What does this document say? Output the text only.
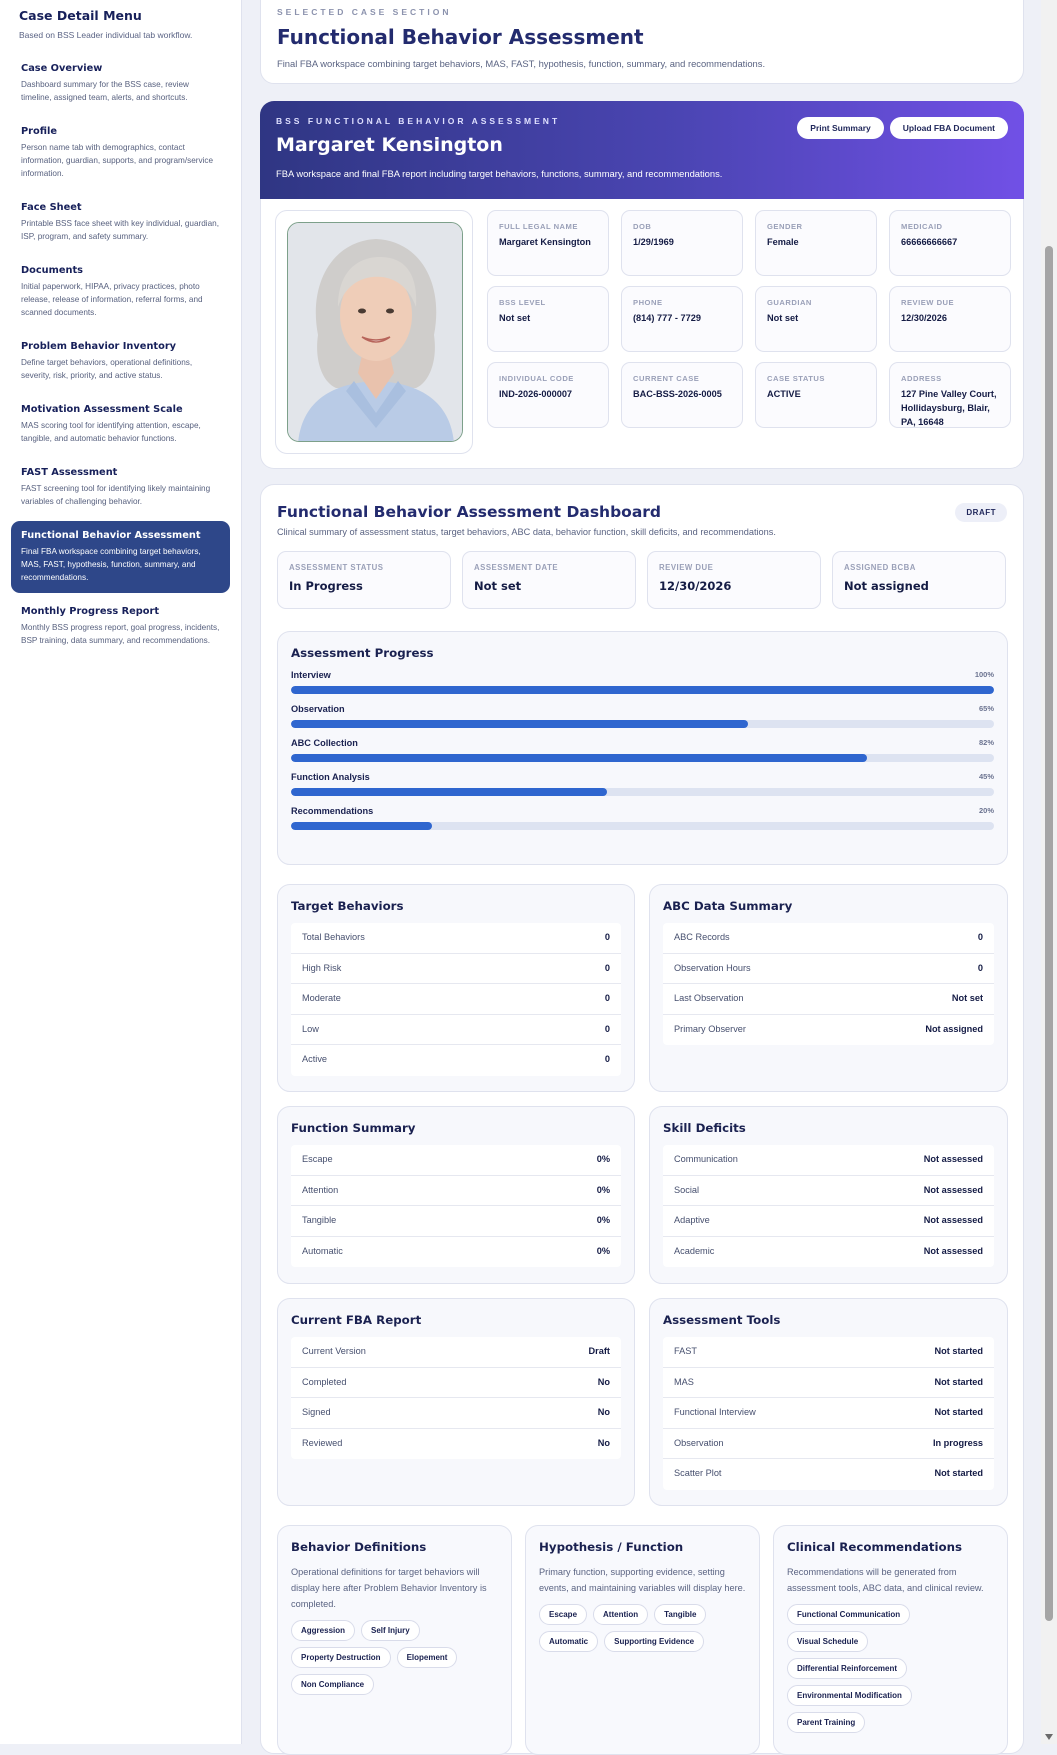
Case Detail Menu
Based on BSS Leader individual tab workflow.
Case Overview
Dashboard summary for the BSS case, review timeline, assigned team, alerts, and shortcuts.
Profile
Person name tab with demographics, contact information, guardian, supports, and program/service information.
Face Sheet
Printable BSS face sheet with key individual, guardian, ISP, program, and safety summary.
Documents
Initial paperwork, HIPAA, privacy practices, photo release, release of information, referral forms, and scanned documents.
Problem Behavior Inventory
Define target behaviors, operational definitions, severity, risk, priority, and active status.
Motivation Assessment Scale
MAS scoring tool for identifying attention, escape, tangible, and automatic behavior functions.
FAST Assessment
FAST screening tool for identifying likely maintaining variables of challenging behavior.
Functional Behavior Assessment
Final FBA workspace combining target behaviors, MAS, FAST, hypothesis, function, summary, and recommendations.
Monthly Progress Report
Monthly BSS progress report, goal progress, incidents, BSP training, data summary, and recommendations.
SELECTED CASE SECTION
Functional Behavior Assessment

Final FBA workspace combining target behaviors, MAS, FAST, hypothesis, function, summary, and recommendations.

BSS FUNCTIONAL BEHAVIOR ASSESSMENT
Margaret Kensington

FBA workspace and final FBA report including target behaviors, functions, summary, and recommendations.

Print Summary	Upload FBA Document
FULL LEGAL NAME
Margaret Kensington
DOB
1/29/1969
GENDER
Female
MEDICAID
66666666667
BSS LEVEL
Not set
PHONE
(814) 777 - 7729
GUARDIAN
Not set
REVIEW DUE
12/30/2026
INDIVIDUAL CODE
IND-2026-000007
CURRENT CASE
BAC-BSS-2026-0005
CASE STATUS
ACTIVE
ADDRESS
127 Pine Valley Court, Hollidaysburg, Blair, PA, 16648
Functional Behavior Assessment Dashboard
Clinical summary of assessment status, target behaviors, ABC data, behavior function, skill deficits, and recommendations.
DRAFT
ASSESSMENT STATUS
In Progress
ASSESSMENT DATE
Not set
REVIEW DUE
12/30/2026
ASSIGNED BCBA
Not assigned
Assessment Progress
Interview	100%
Observation	65%
ABC Collection	82%
Function Analysis	45%
Recommendations	20%
Target Behaviors
Total Behaviors	0
High Risk	0
Moderate	0
Low	0
Active	0
ABC Data Summary
ABC Records	0
Observation Hours	0
Last Observation	Not set
Primary Observer	Not assigned
Function Summary
Escape	0%
Attention	0%
Tangible	0%
Automatic	0%
Skill Deficits
Communication	Not assessed
Social	Not assessed
Adaptive	Not assessed
Academic	Not assessed
Current FBA Report
Current Version	Draft
Completed	No
Signed	No
Reviewed	No
Assessment Tools
FAST	Not started
MAS	Not started
Functional Interview	Not started
Observation	In progress
Scatter Plot	Not started
Behavior Definitions

Operational definitions for target behaviors will display here after Problem Behavior Inventory is completed.

Aggression	Self Injury
Property Destruction	Elopement
Non Compliance
Hypothesis / Function

Primary function, supporting evidence, setting events, and maintaining variables will display here.

Escape	Attention	Tangible
Automatic	Supporting Evidence
Clinical Recommendations

Recommendations will be generated from assessment tools, ABC data, and clinical review.

Functional Communication
Visual Schedule
Differential Reinforcement
Environmental Modification
Parent Training
